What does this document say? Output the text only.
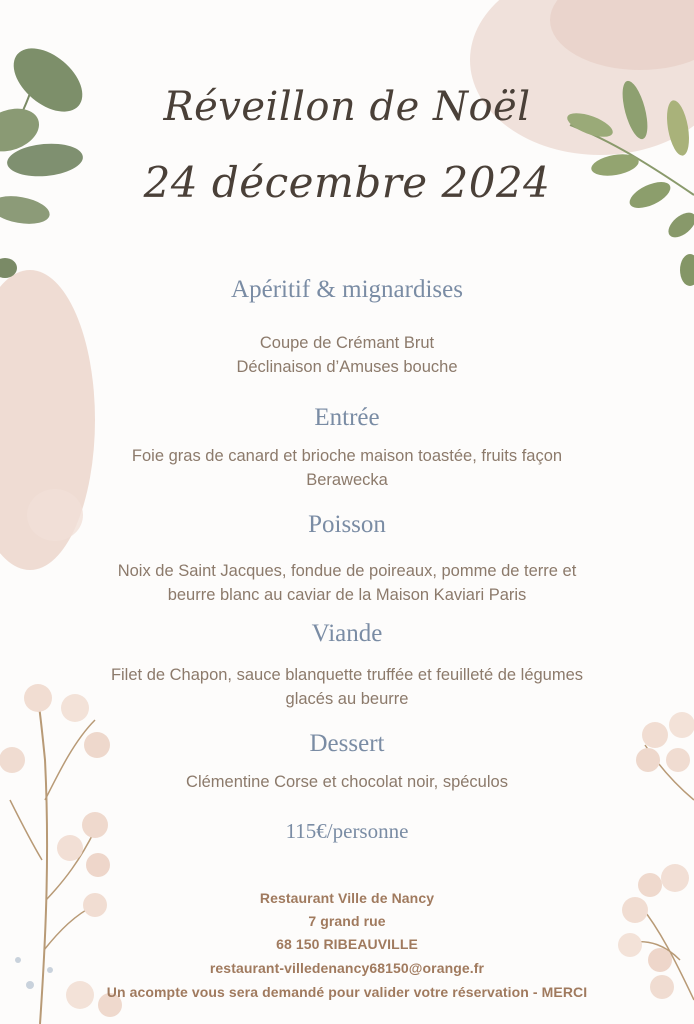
Réveillon de Noël
24 décembre 2024
Apéritif & mignardises
Coupe de Crémant Brut
Déclinaison d’Amuses bouche
Entrée
Foie gras de canard et brioche maison toastée, fruits façon
Berawecka
Poisson
Noix de Saint Jacques, fondue de poireaux, pomme de terre et
beurre blanc au caviar de la Maison Kaviari Paris
Viande
Filet de Chapon, sauce blanquette truffée et feuilleté de légumes
glacés au beurre
Dessert
Clémentine Corse et chocolat noir, spéculos
115€/personne
Restaurant Ville de Nancy
7 grand rue
68 150 RIBEAUVILLE
restaurant-villedenancy68150@orange.fr
Un acompte vous sera demandé pour valider votre réservation - MERCI
